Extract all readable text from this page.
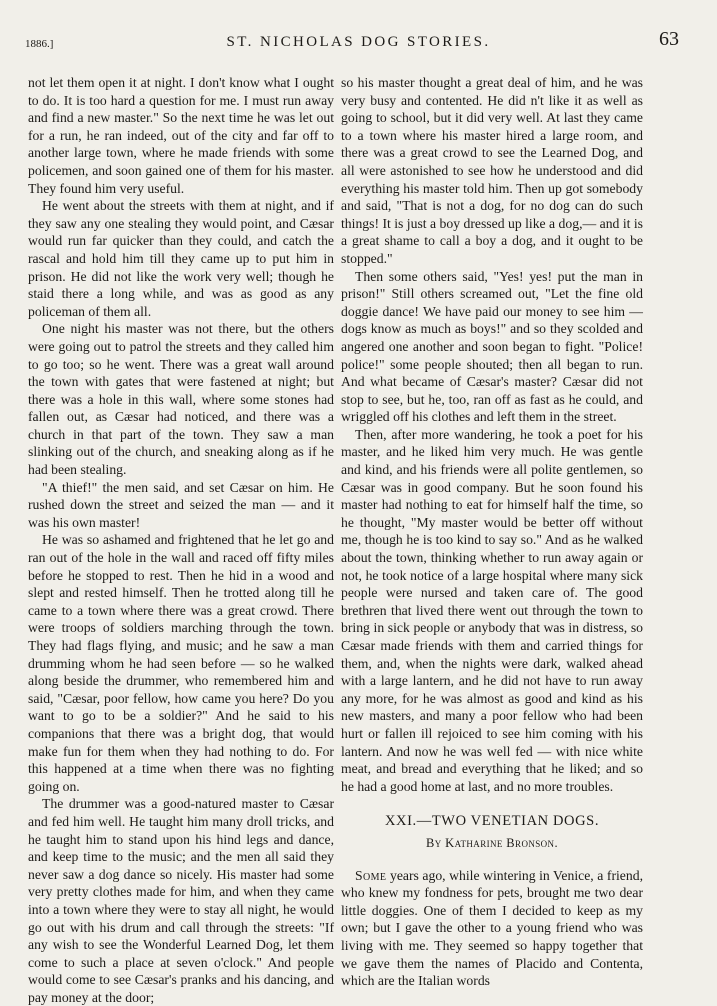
1886.]	ST. NICHOLAS DOG STORIES.	63

not let them open it at night. I don't know what I ought to do. It is too hard a question for me. I must run away and find a new master." So the next time he was let out for a run, he ran indeed, out of the city and far off to another large town, where he made friends with some policemen, and soon gained one of them for his master. They found him very useful.

He went about the streets with them at night, and if they saw any one stealing they would point, and Cæsar would run far quicker than they could, and catch the rascal and hold him till they came up to put him in prison. He did not like the work very well; though he staid there a long while, and was as good as any policeman of them all.

One night his master was not there, but the others were going out to patrol the streets and they called him to go too; so he went. There was a great wall around the town with gates that were fastened at night; but there was a hole in this wall, where some stones had fallen out, as Cæsar had noticed, and there was a church in that part of the town. They saw a man slinking out of the church, and sneaking along as if he had been stealing.

"A thief!" the men said, and set Cæsar on him. He rushed down the street and seized the man — and it was his own master!

He was so ashamed and frightened that he let go and ran out of the hole in the wall and raced off fifty miles before he stopped to rest. Then he hid in a wood and slept and rested himself. Then he trotted along till he came to a town where there was a great crowd. There were troops of soldiers marching through the town. They had flags flying, and music; and he saw a man drumming whom he had seen before — so he walked along beside the drummer, who remembered him and said, "Cæsar, poor fellow, how came you here? Do you want to go to be a soldier?" And he said to his companions that there was a bright dog, that would make fun for them when they had nothing to do. For this happened at a time when there was no fighting going on.

The drummer was a good-natured master to Cæsar and fed him well. He taught him many droll tricks, and he taught him to stand upon his hind legs and dance, and keep time to the music; and the men all said they never saw a dog dance so nicely. His master had some very pretty clothes made for him, and when they came into a town where they were to stay all night, he would go out with his drum and call through the streets: "If any wish to see the Wonderful Learned Dog, let them come to such a place at seven o'clock." And people would come to see Cæsar's pranks and his dancing, and pay money at the door;

so his master thought a great deal of him, and he was very busy and contented. He did n't like it as well as going to school, but it did very well. At last they came to a town where his master hired a large room, and there was a great crowd to see the Learned Dog, and all were astonished to see how he understood and did everything his master told him. Then up got somebody and said, "That is not a dog, for no dog can do such things! It is just a boy dressed up like a dog,— and it is a great shame to call a boy a dog, and it ought to be stopped."

Then some others said, "Yes! yes! put the man in prison!" Still others screamed out, "Let the fine old doggie dance! We have paid our money to see him — dogs know as much as boys!" and so they scolded and angered one another and soon began to fight. "Police! police!" some people shouted; then all began to run. And what became of Cæsar's master? Cæsar did not stop to see, but he, too, ran off as fast as he could, and wriggled off his clothes and left them in the street.

Then, after more wandering, he took a poet for his master, and he liked him very much. He was gentle and kind, and his friends were all polite gentlemen, so Cæsar was in good company. But he soon found his master had nothing to eat for himself half the time, so he thought, "My master would be better off without me, though he is too kind to say so." And as he walked about the town, thinking whether to run away again or not, he took notice of a large hospital where many sick people were nursed and taken care of. The good brethren that lived there went out through the town to bring in sick people or anybody that was in distress, so Cæsar made friends with them and carried things for them, and, when the nights were dark, walked ahead with a large lantern, and he did not have to run away any more, for he was almost as good and kind as his new masters, and many a poor fellow who had been hurt or fallen ill rejoiced to see him coming with his lantern. And now he was well fed — with nice white meat, and bread and everything that he liked; and so he had a good home at last, and no more troubles.

XXI.—TWO VENETIAN DOGS.
By Katharine Bronson.

Some years ago, while wintering in Venice, a friend, who knew my fondness for pets, brought me two dear little doggies. One of them I decided to keep as my own; but I gave the other to a young friend who was living with me. They seemed so happy together that we gave them the names of Placido and Contenta, which are the Italian words
